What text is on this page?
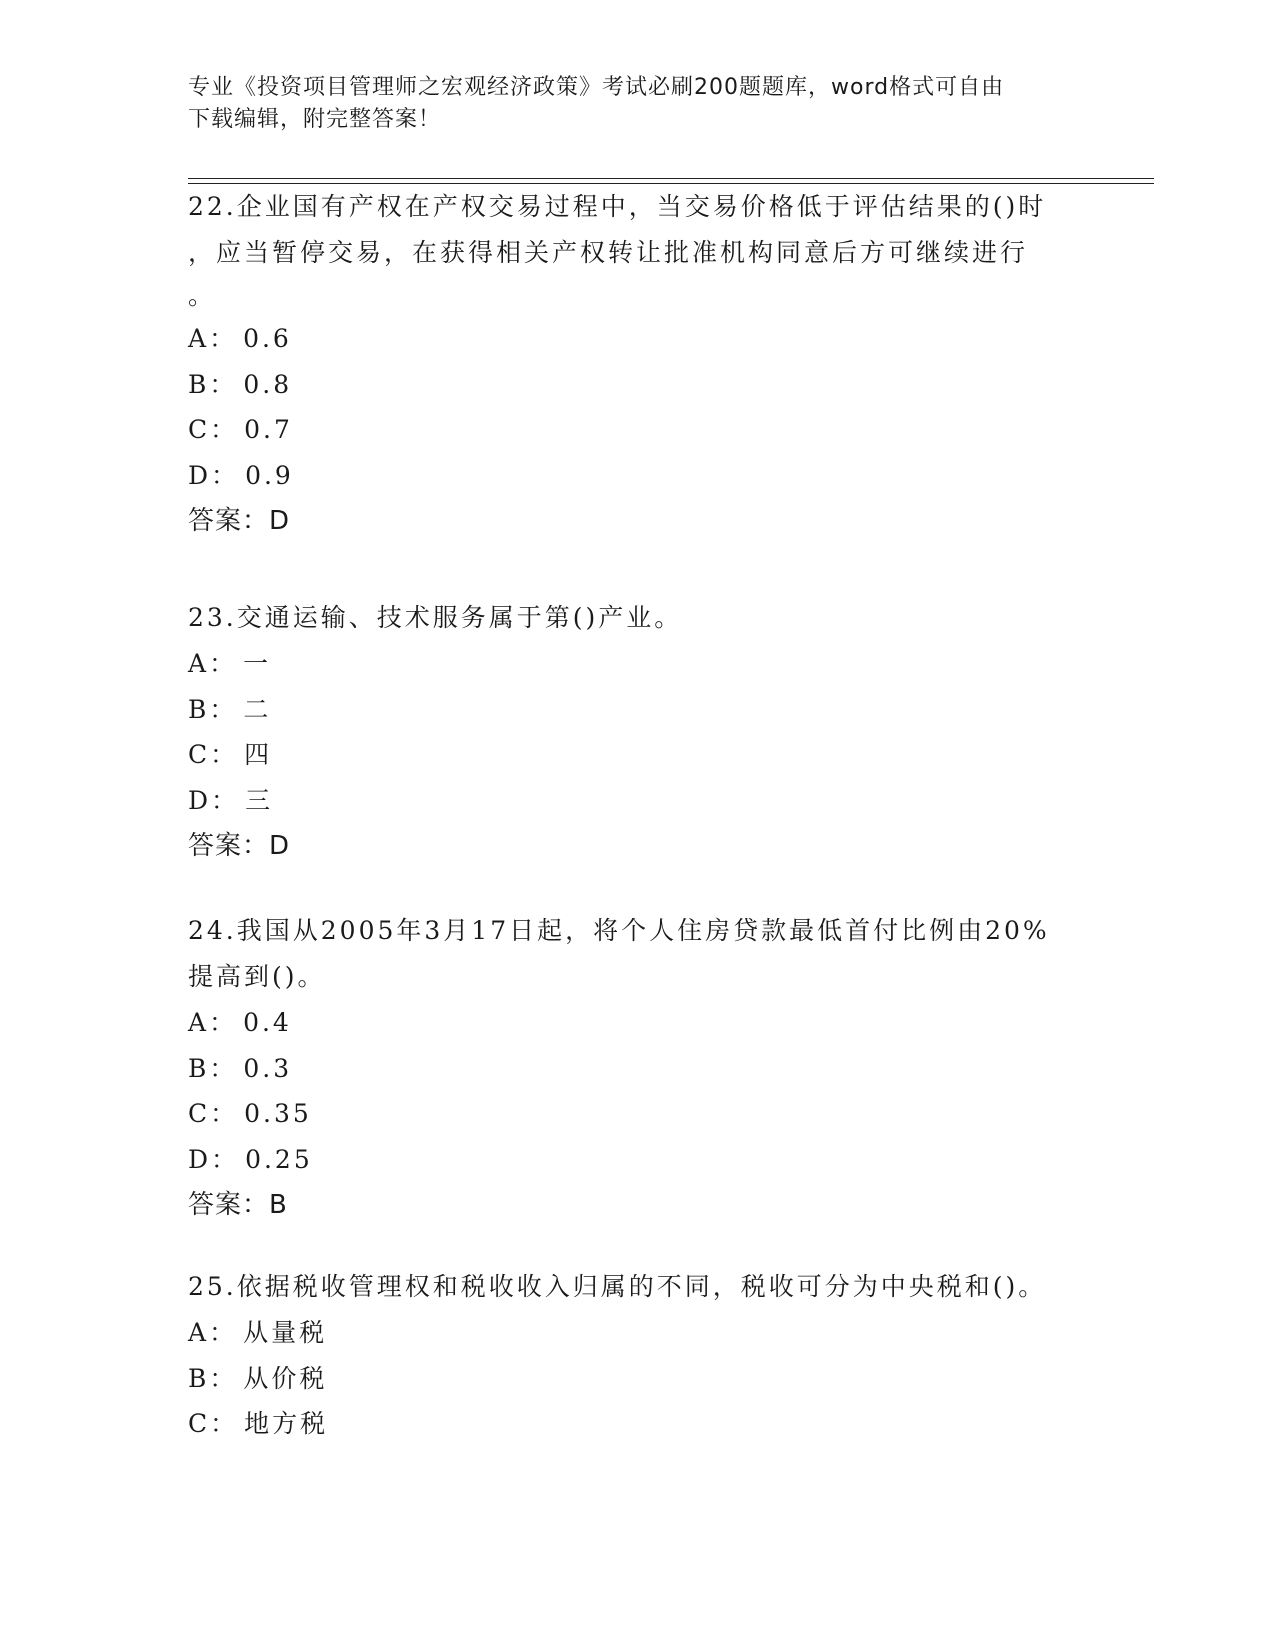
专业《投资项目管理师之宏观经济政策》考试必刷200题题库，word格式可自由
下载编辑，附完整答案！
22.企业国有产权在产权交易过程中，当交易价格低于评估结果的()时
，应当暂停交易，在获得相关产权转让批准机构同意后方可继续进行
。
A： 0.6
B： 0.8
C： 0.7
D： 0.9
答案：D
23.交通运输、技术服务属于第()产业。
A： 一
B： 二
C： 四
D： 三
答案：D
24.我国从2005年3月17日起，将个人住房贷款最低首付比例由20%
提高到()。
A： 0.4
B： 0.3
C： 0.35
D： 0.25
答案：B
25.依据税收管理权和税收收入归属的不同，税收可分为中央税和()。
A： 从量税
B： 从价税
C： 地方税
